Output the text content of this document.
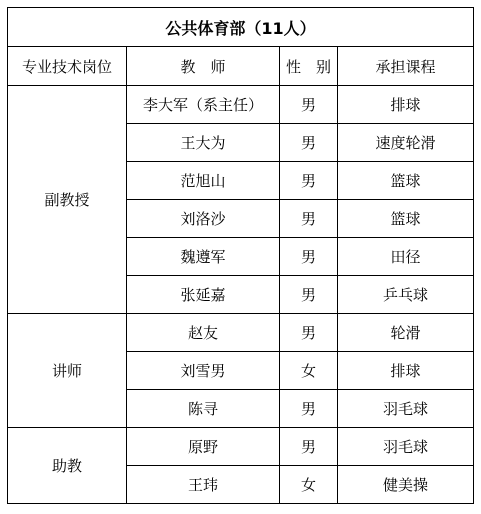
公共体育部（11人）			
专业技术岗位	教　师	性　别	承担课程
副教授	李大军（系主任）	男	排球
	王大为	男	速度轮滑
	范旭山	男	篮球
	刘洛沙	男	篮球
	魏遵军	男	田径
	张延嘉	男	乒乓球
讲师	赵友	男	轮滑
	刘雪男	女	排球
	陈寻	男	羽毛球
助教	原野	男	羽毛球
	王玮	女	健美操
